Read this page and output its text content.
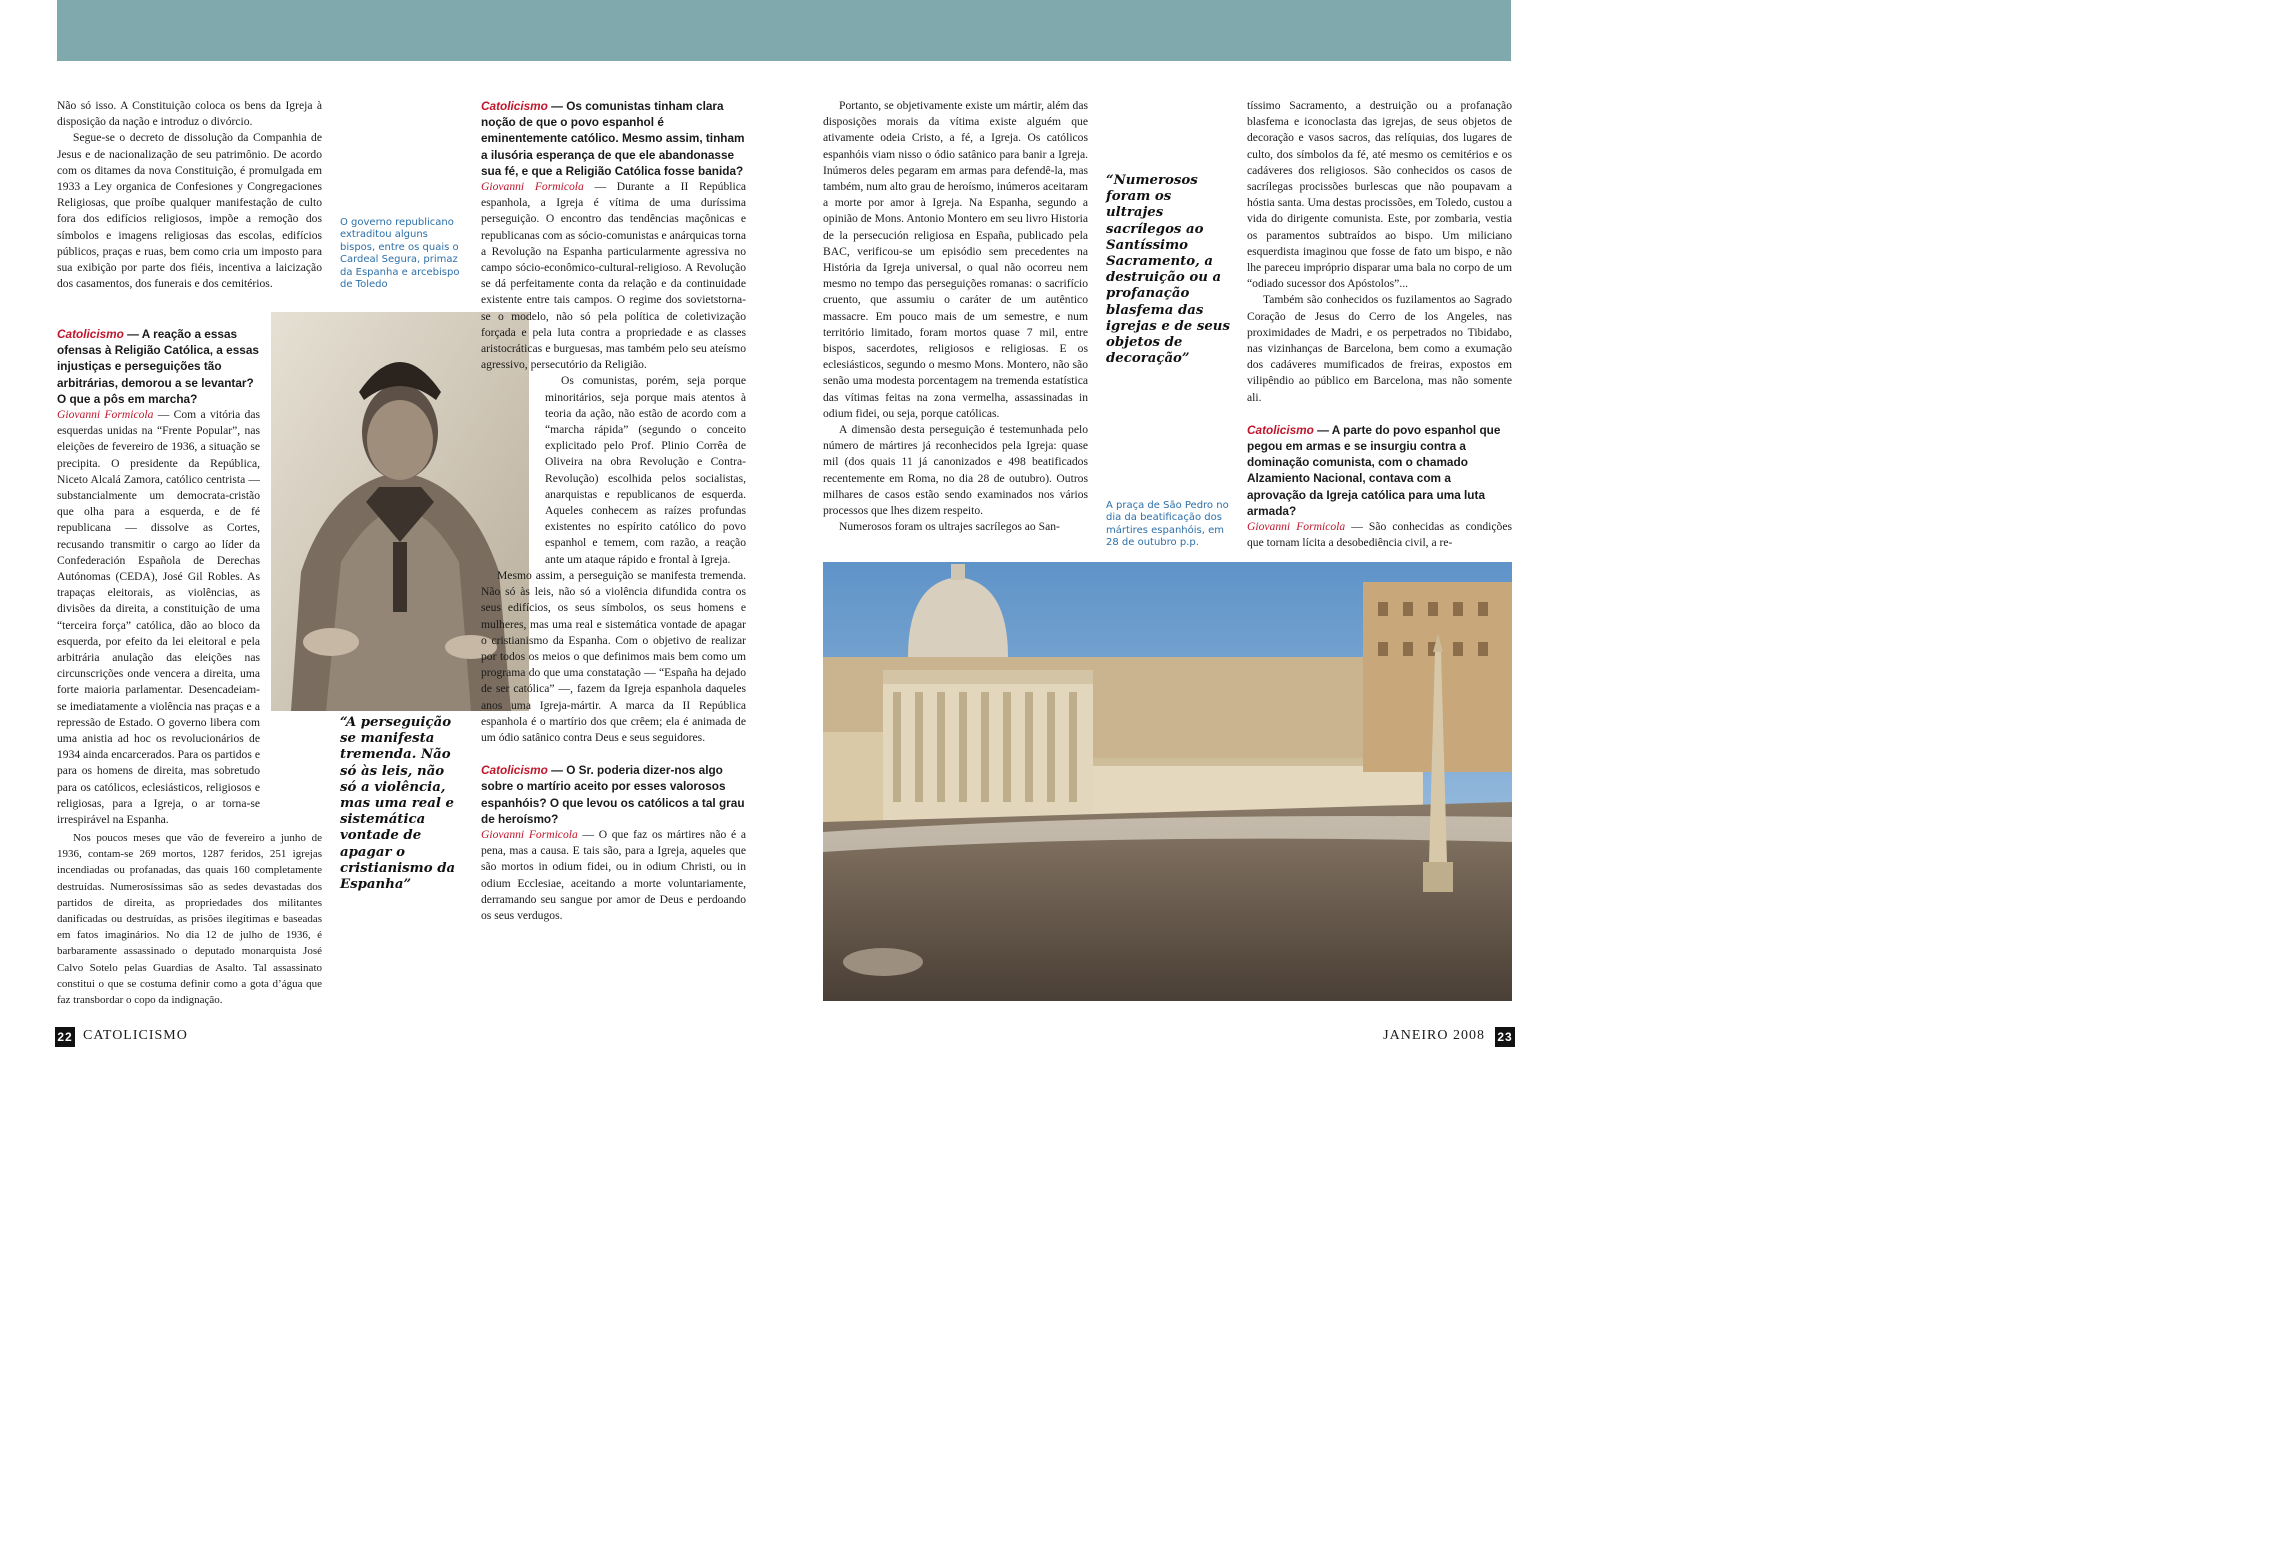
Não só isso. A Constituição coloca os bens da Igreja à disposição da nação e introduz o divórcio.

Segue-se o decreto de dissolução da Companhia de Jesus e de nacionalização de seu patrimônio. De acordo com os ditames da nova Constituição, é promulgada em 1933 a Ley organica de Confesiones y Congregaciones Religiosas, que proíbe qualquer manifestação de culto fora dos edifícios religiosos, impõe a remoção dos símbolos e imagens religiosas das escolas, edifícios públicos, praças e ruas, bem como cria um imposto para sua exibição por parte dos fiéis, incentiva a laicização dos casamentos, dos funerais e dos cemitérios.

Catolicismo — A reação a essas ofensas à Religião Católica, a essas injustiças e perseguições tão arbitrárias, demorou a se levantar? O que a pôs em marcha?

Giovanni Formicola — Com a vitória das esquerdas unidas na “Frente Popular”, nas eleições de fevereiro de 1936, a situação se precipita. O presidente da República, Niceto Alcalá Zamora, católico centrista — substancialmente um democrata-cristão que olha para a esquerda, e de fé republicana — dissolve as Cortes, recusando transmitir o cargo ao líder da Confederación Española de Derechas Autónomas (CEDA), José Gil Robles. As trapaças eleitorais, as violências, as divisões da direita, a constituição de uma “terceira força” católica, dão ao bloco da esquerda, por efeito da lei eleitoral e pela arbitrária anulação das eleições nas circunscrições onde vencera a direita, uma forte maioria parlamentar. Desencadeiam-se imediatamente a violência nas praças e a repressão de Estado. O governo libera com uma anistia ad hoc os revolucionários de 1934 ainda encarcerados. Para os partidos e para os homens de direita, mas sobretudo para os católicos, eclesiásticos, religiosos e religiosas, para a Igreja, o ar torna-se irrespirável na Espanha.

Nos poucos meses que vão de fevereiro a junho de 1936, contam-se 269 mortos, 1287 feridos, 251 igrejas incendiadas ou profanadas, das quais 160 completamente destruídas. Numerosíssimas são as sedes devastadas dos partidos de direita, as propriedades dos militantes danificadas ou destruídas, as prisões ilegítimas e baseadas em fatos imaginários. No dia 12 de julho de 1936, é barbaramente assassinado o deputado monarquista José Calvo Sotelo pelas Guardias de Asalto. Tal assassinato constitui o que se costuma definir como a gota d’água que faz transbordar o copo da indignação.

O governo republicano extraditou alguns bispos, entre os quais o Cardeal Segura, primaz da Espanha e arcebispo de Toledo
“A perseguição se manifesta tremenda. Não só às leis, não só a violência, mas uma real e sistemática vontade de apagar o cristianismo da Espanha”

Catolicismo — Os comunistas tinham clara noção de que o povo espanhol é eminentemente católico. Mesmo assim, tinham a ilusória esperança de que ele abandonasse sua fé, e que a Religião Católica fosse banida?

Giovanni Formicola — Durante a II República espanhola, a Igreja é vítima de uma duríssima perseguição. O encontro das tendências maçônicas e republicanas com as sócio-comunistas e anárquicas torna a Revolução na Espanha particularmente agressiva no campo sócio-econômico-cultural-religioso. A Revolução se dá perfeitamente conta da relação e da continuidade existente entre tais campos. O regime dos sovietstorna-se o modelo, não só pela política de coletivização forçada e pela luta contra a propriedade e as classes aristocráticas e burguesas, mas também pelo seu ateísmo agressivo, persecutório da Religião.

Os comunistas, porém, seja porque minoritários, seja porque mais atentos à teoria da ação, não estão de acordo com a “marcha rápida” (segundo o conceito explicitado pelo Prof. Plinio Corrêa de Oliveira na obra Revolução e Contra-Revolução) escolhida pelos socialistas, anarquistas e republicanos de esquerda. Aqueles conhecem as raízes profundas existentes no espírito católico do povo espanhol e temem, com razão, a reação ante um ataque rápido e frontal à Igreja.

Mesmo assim, a perseguição se manifesta tremenda. Não só às leis, não só a violência difundida contra os seus edifícios, os seus símbolos, os seus homens e mulheres, mas uma real e sistemática vontade de apagar o cristianismo da Espanha. Com o objetivo de realizar por todos os meios o que definimos mais bem como um programa do que uma constatação — “España ha dejado de ser católica” —, fazem da Igreja espanhola daqueles anos uma Igreja-mártir. A marca da II República espanhola é o martírio dos que crêem; ela é animada de um ódio satânico contra Deus e seus seguidores.

Catolicismo — O Sr. poderia dizer-nos algo sobre o martírio aceito por esses valorosos espanhóis? O que levou os católicos a tal grau de heroísmo?

Giovanni Formicola — O que faz os mártires não é a pena, mas a causa. E tais são, para a Igreja, aqueles que são mortos in odium fidei, ou in odium Christi, ou in odium Ecclesiae, aceitando a morte voluntariamente, derramando seu sangue por amor de Deus e perdoando os seus verdugos.

Portanto, se objetivamente existe um mártir, além das disposições morais da vítima existe alguém que ativamente odeia Cristo, a fé, a Igreja. Os católicos espanhóis viam nisso o ódio satânico para banir a Igreja. Inúmeros deles pegaram em armas para defendê-la, mas também, num alto grau de heroísmo, inúmeros aceitaram a morte por amor à Igreja. Na Espanha, segundo a opinião de Mons. Antonio Montero em seu livro Historia de la persecución religiosa en España, publicado pela BAC, verificou-se um episódio sem precedentes na História da Igreja universal, o qual não ocorreu nem mesmo no tempo das perseguições romanas: o sacrifício cruento, que assumiu o caráter de um autêntico massacre. Em pouco mais de um semestre, e num território limitado, foram mortos quase 7 mil, entre bispos, sacerdotes, religiosos e religiosas. E os eclesiásticos, segundo o mesmo Mons. Montero, não são senão uma modesta porcentagem na tremenda estatística das vítimas feitas na zona vermelha, assassinadas in odium fidei, ou seja, porque católicas.

A dimensão desta perseguição é testemunhada pelo número de mártires já reconhecidos pela Igreja: quase mil (dos quais 11 já canonizados e 498 beatificados recentemente em Roma, no dia 28 de outubro). Outros milhares de casos estão sendo examinados nos vários processos que lhes dizem respeito.

Numerosos foram os ultrajes sacrílegos ao San-

“Numerosos foram os ultrajes sacrílegos ao Santíssimo Sacramento, a destruição ou a profanação blasfema das igrejas e de seus objetos de decoração”
A praça de São Pedro no dia da beatificação dos mártires espanhóis, em 28 de outubro p.p.

tíssimo Sacramento, a destruição ou a profanação blasfema e iconoclasta das igrejas, de seus objetos de decoração e vasos sacros, das relíquias, dos lugares de culto, dos símbolos da fé, até mesmo os cemitérios e os cadáveres dos religiosos. São conhecidos os casos de sacrílegas procissões burlescas que não poupavam a hóstia santa. Uma destas procissões, em Toledo, custou a vida do dirigente comunista. Este, por zombaria, vestia os paramentos subtraídos ao bispo. Um miliciano esquerdista imaginou que fosse de fato um bispo, e não lhe pareceu impróprio disparar uma bala no corpo de um “odiado sucessor dos Apóstolos”...

Também são conhecidos os fuzilamentos ao Sagrado Coração de Jesus do Cerro de los Angeles, nas proximidades de Madri, e os perpetrados no Tibidabo, nas vizinhanças de Barcelona, bem como a exumação dos cadáveres mumificados de freiras, expostos em vilipêndio ao público em Barcelona, mas não somente ali.

Catolicismo — A parte do povo espanhol que pegou em armas e se insurgiu contra a dominação comunista, com o chamado Alzamiento Nacional, contava com a aprovação da Igreja católica para uma luta armada?

Giovanni Formicola — São conhecidas as condições que tornam lícita a desobediência civil, a re-

22 CATOLICISMO	JANEIRO 2008 23
